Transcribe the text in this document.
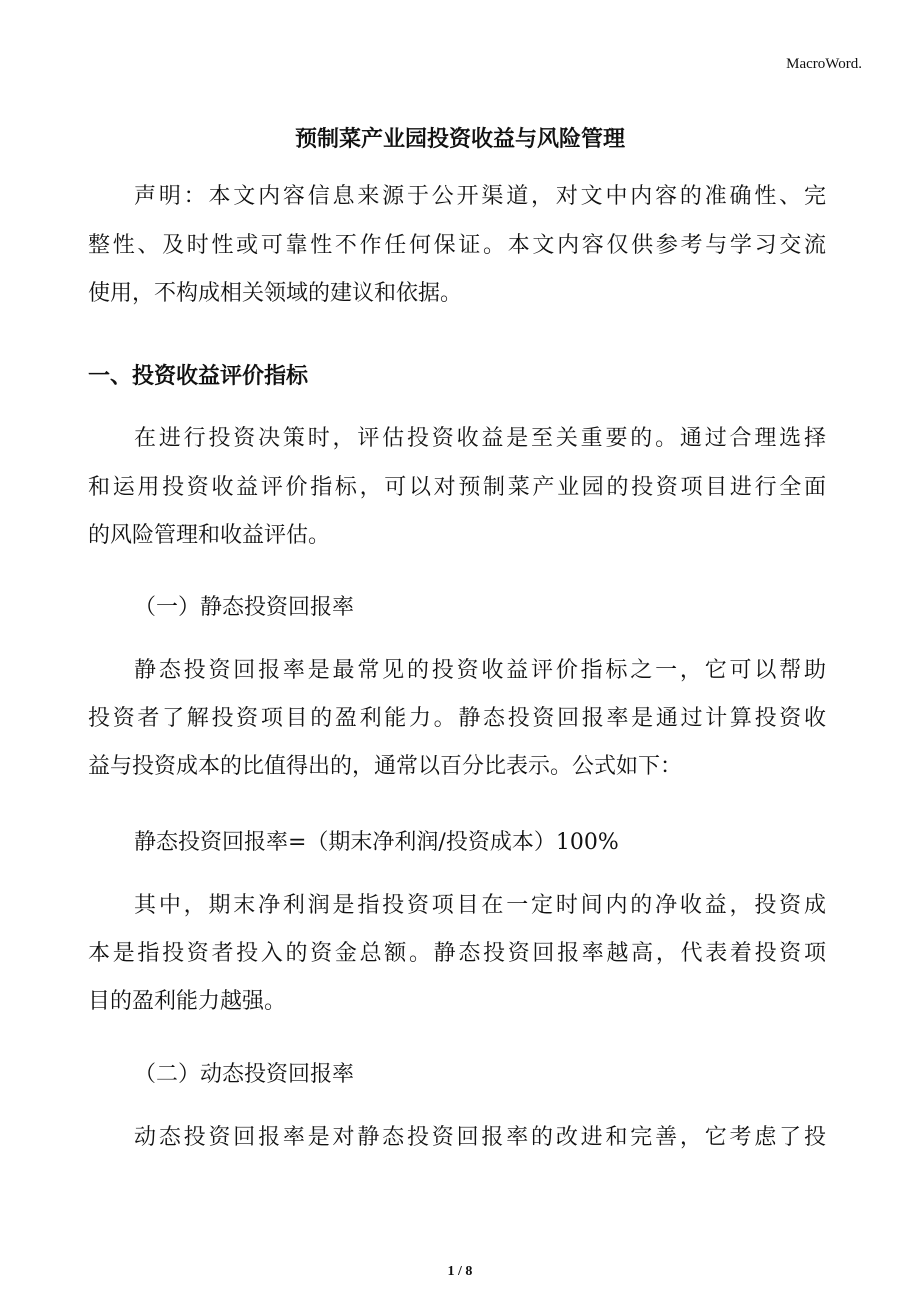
MacroWord.
预制菜产业园投资收益与风险管理
声明：本文内容信息来源于公开渠道，对文中内容的准确性、完
整性、及时性或可靠性不作任何保证。本文内容仅供参考与学习交流
使用，不构成相关领域的建议和依据。
一、投资收益评价指标
在进行投资决策时，评估投资收益是至关重要的。通过合理选择
和运用投资收益评价指标，可以对预制菜产业园的投资项目进行全面
的风险管理和收益评估。
（一）静态投资回报率
静态投资回报率是最常见的投资收益评价指标之一，它可以帮助
投资者了解投资项目的盈利能力。静态投资回报率是通过计算投资收
益与投资成本的比值得出的，通常以百分比表示。公式如下：
静态投资回报率=（期末净利润/投资成本）100%
其中，期末净利润是指投资项目在一定时间内的净收益，投资成
本是指投资者投入的资金总额。静态投资回报率越高，代表着投资项
目的盈利能力越强。
（二）动态投资回报率
动态投资回报率是对静态投资回报率的改进和完善，它考虑了投
1 / 8
